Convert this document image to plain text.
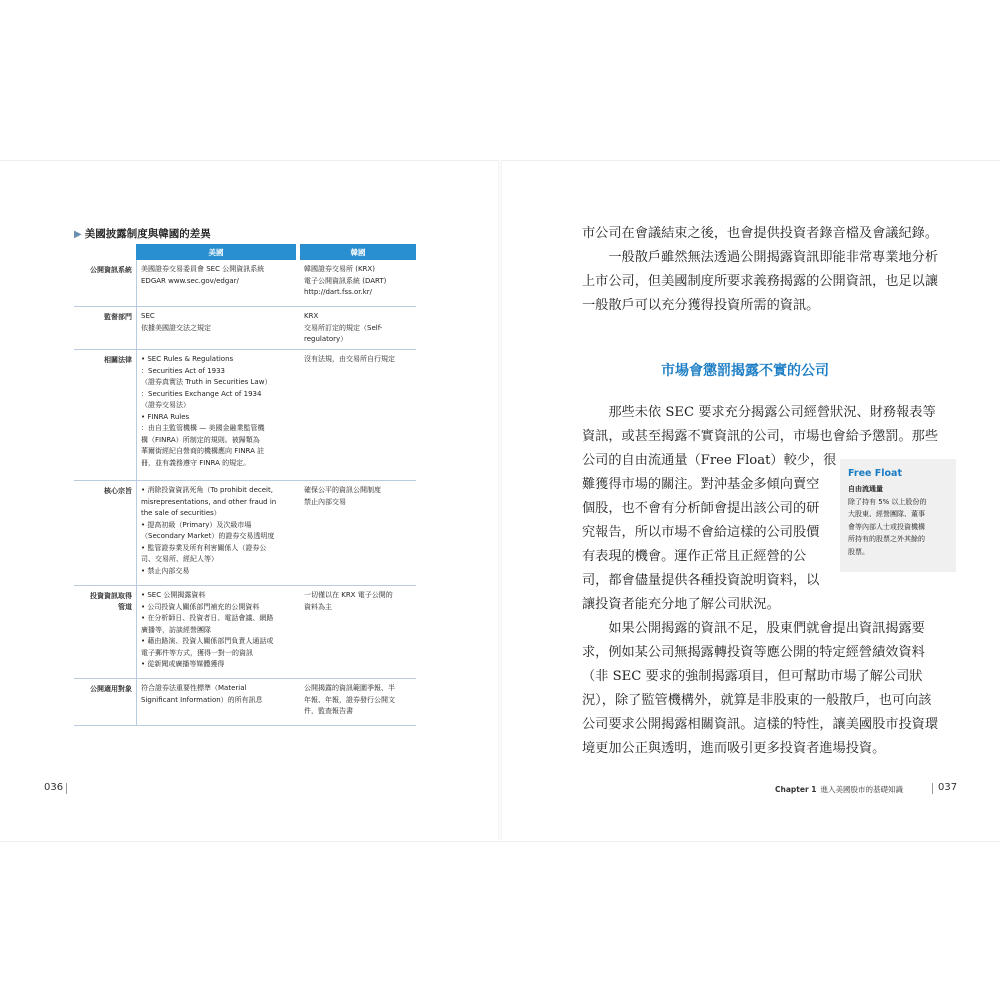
▶ 美國披露制度與韓國的差異
美國	韓國
公開資訊系統 美國證券交易委員會 SEC 公開資訊系統
EDGAR www.sec.gov/edgar/
韓國證券交易所 (KRX)
電子公開資訊系統 (DART)
http://dart.fss.or.kr/
監督部門 SEC
依據美國證交法之規定
KRX
交易所訂定的規定（Self-
regulatory）
相關法律 • SEC Rules & Regulations
：Securities Act of 1933
（證券真實法 Truth in Securities Law）
：Securities Exchange Act of 1934
（證券交易法）
• FINRA Rules
：由自主監管機構 — 美國金融業監管機
構（FINRA）所制定的規則。被歸類為
華爾街經紀自營商的機構應向 FINRA 註
冊，並有義務遵守 FINRA 的規定。
沒有法規，由交易所自行規定
核心宗旨 • 消除投資資訊死角（To prohibit deceit,
misrepresentations, and other fraud in
the sale of securities）
• 提高初級（Primary）及次級市場
（Secondary Market）的證券交易透明度
• 監管證券業及所有利害關係人（證券公
司、交易所、經紀人等）
• 禁止內部交易
確保公平的資訊公開制度
禁止內部交易
投資資訊取得
管道
• SEC 公開揭露資料
• 公司投資人關係部門補充的公開資料
• 在分析師日、投資者日、電話會議、網路
廣播等，訪談經營團隊
• 藉由路演、投資人關係部門負責人通話或
電子郵件等方式，獲得一對一的資訊
• 從新聞或廣播等媒體獲得
一切僅以在 KRX 電子公開的
資料為主
公開適用對象 符合證券法重要性標準（Material
Significant Information）的所有訊息
公開揭露的資訊範圍季報、半
年報、年報，證券發行公開文
件，監查報告書
036
市公司在會議結束之後，也會提供投資者錄音檔及會議紀錄。
　　一般散戶雖然無法透過公開揭露資訊即能非常專業地分析
上市公司，但美國制度所要求義務揭露的公開資訊，也足以讓
一般散戶可以充分獲得投資所需的資訊。
市場會懲罰揭露不實的公司
　　那些未依 SEC 要求充分揭露公司經營狀況、財務報表等
資訊，或甚至揭露不實資訊的公司，市場也會給予懲罰。那些
公司的自由流通量（Free Float）較少，很
難獲得市場的關注。對沖基金多傾向賣空
個股，也不會有分析師會提出該公司的研
究報告，所以市場不會給這樣的公司股價
有表現的機會。運作正常且正經營的公
司，都會儘量提供各種投資說明資料，以
讓投資者能充分地了解公司狀況。
　　如果公開揭露的資訊不足，股東們就會提出資訊揭露要
求，例如某公司無揭露轉投資等應公開的特定經營績效資料
（非 SEC 要求的強制揭露項目，但可幫助市場了解公司狀
況），除了監管機構外，就算是非股東的一般散戶，也可向該
公司要求公開揭露相關資訊。這樣的特性，讓美國股市投資環
境更加公正與透明，進而吸引更多投資者進場投資。
Free Float
自由流通量
除了持有 5% 以上股份的
大股東、經營團隊、董事
會等內部人士或投資機構
所持有的股票之外其餘的
股票。
Chapter 1 進入美國股市的基礎知識	037
